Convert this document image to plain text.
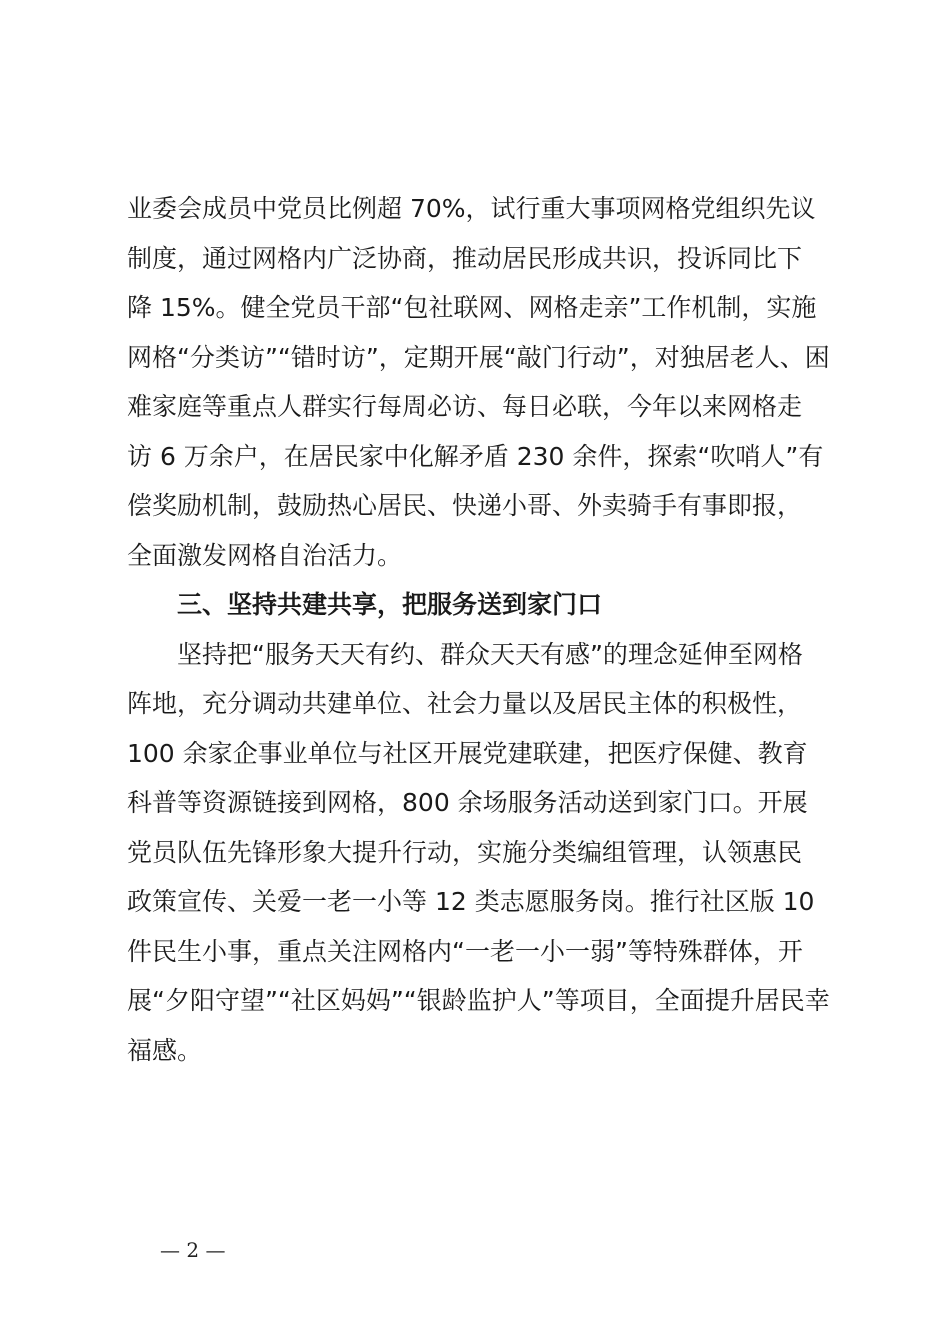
业委会成员中党员比例超 70%，试行重大事项网格党组织先议
制度，通过网格内广泛协商，推动居民形成共识，投诉同比下
降 15%。健全党员干部“包社联网、网格走亲”工作机制，实施
网格“分类访”“错时访”，定期开展“敲门行动”，对独居老人、困
难家庭等重点人群实行每周必访、每日必联，今年以来网格走
访 6 万余户，在居民家中化解矛盾 230 余件，探索“吹哨人”有
偿奖励机制，鼓励热心居民、快递小哥、外卖骑手有事即报，
全面激发网格自治活力。
三、坚持共建共享，把服务送到家门口
坚持把“服务天天有约、群众天天有感”的理念延伸至网格
阵地，充分调动共建单位、社会力量以及居民主体的积极性，
100 余家企事业单位与社区开展党建联建，把医疗保健、教育
科普等资源链接到网格，800 余场服务活动送到家门口。开展
党员队伍先锋形象大提升行动，实施分类编组管理，认领惠民
政策宣传、关爱一老一小等 12 类志愿服务岗。推行社区版 10
件民生小事，重点关注网格内“一老一小一弱”等特殊群体，开
展“夕阳守望”“社区妈妈”“银龄监护人”等项目，全面提升居民幸
福感。
— 2 —
